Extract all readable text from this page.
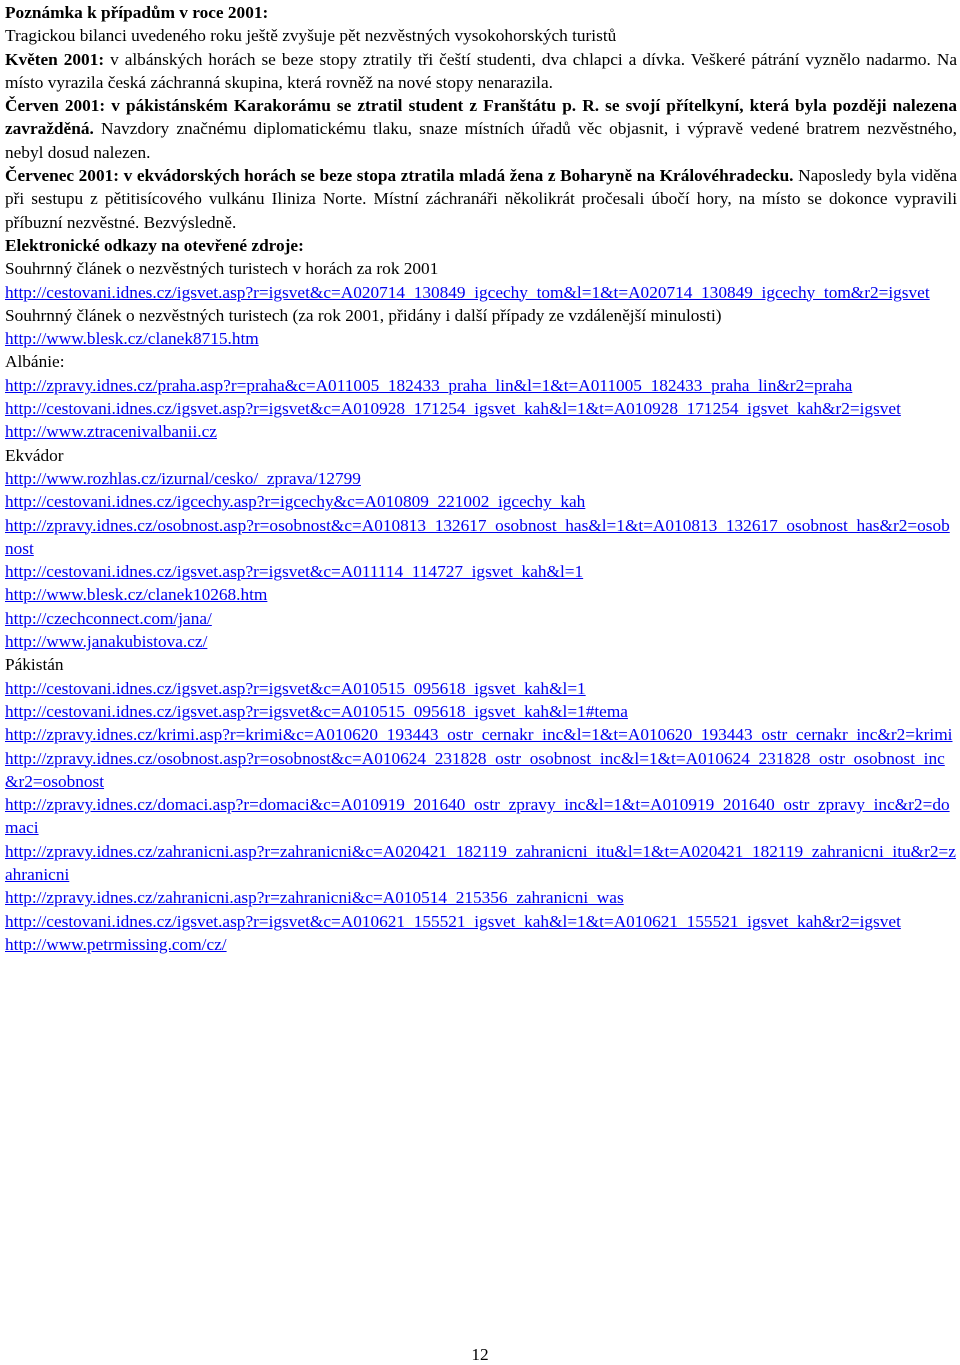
Poznámka k případům v roce 2001:

Tragickou bilanci uvedeného roku ještě zvyšuje pět nezvěstných vysokohorských turistů

Květen 2001: v albánských horách se beze stopy ztratily tři čeští studenti, dva chlapci a dívka. Veškeré pátrání vyznělo nadarmo. Na místo vyrazila česká záchranná skupina, která rovněž na nové stopy nenarazila.

Červen 2001: v pákistánském Karakorámu se ztratil student z Franštátu p. R. se svojí přítelkyní, která byla později nalezena zavražděná. Navzdory značnému diplomatickému tlaku, snaze místních úřadů věc objasnit, i výpravě vedené bratrem nezvěstného, nebyl dosud nalezen.

Červenec 2001: v ekvádorských horách se beze stopa ztratila mladá žena z Boharyně na Královéhradecku. Naposledy byla viděna při sestupu z pětitisícového vulkánu Iliniza Norte. Místní záchranáři několikrát pročesali úbočí hory, na místo se dokonce vypravili příbuzní nezvěstné. Bezvýsledně.

Elektronické odkazy na otevřené zdroje:

Souhrnný článek o nezvěstných turistech v horách za rok 2001

http://cestovani.idnes.cz/igsvet.asp?r=igsvet&c=A020714_130849_igcechy_tom&l=1&t=A020714_130849_igcechy_tom&r2=igsvet

Souhrnný článek o nezvěstných turistech (za rok 2001, přidány i další případy ze vzdálenější minulosti)

http://www.blesk.cz/clanek8715.htm

Albánie:

http://zpravy.idnes.cz/praha.asp?r=praha&c=A011005_182433_praha_lin&l=1&t=A011005_182433_praha_lin&r2=praha

http://cestovani.idnes.cz/igsvet.asp?r=igsvet&c=A010928_171254_igsvet_kah&l=1&t=A010928_171254_igsvet_kah&r2=igsvet

http://www.ztracenivalbanii.cz

Ekvádor

http://www.rozhlas.cz/izurnal/cesko/_zprava/12799

http://cestovani.idnes.cz/igcechy.asp?r=igcechy&c=A010809_221002_igcechy_kah

http://zpravy.idnes.cz/osobnost.asp?r=osobnost&c=A010813_132617_osobnost_has&l=1&t=A010813_132617_osobnost_has&r2=osobnost

http://cestovani.idnes.cz/igsvet.asp?r=igsvet&c=A011114_114727_igsvet_kah&l=1

http://www.blesk.cz/clanek10268.htm

http://czechconnect.com/jana/

http://www.janakubistova.cz/

Pákistán

http://cestovani.idnes.cz/igsvet.asp?r=igsvet&c=A010515_095618_igsvet_kah&l=1

http://cestovani.idnes.cz/igsvet.asp?r=igsvet&c=A010515_095618_igsvet_kah&l=1#tema

http://zpravy.idnes.cz/krimi.asp?r=krimi&c=A010620_193443_ostr_cernakr_inc&l=1&t=A010620_193443_ostr_cernakr_inc&r2=krimi

http://zpravy.idnes.cz/osobnost.asp?r=osobnost&c=A010624_231828_ostr_osobnost_inc&l=1&t=A010624_231828_ostr_osobnost_inc&r2=osobnost

http://zpravy.idnes.cz/domaci.asp?r=domaci&c=A010919_201640_ostr_zpravy_inc&l=1&t=A010919_201640_ostr_zpravy_inc&r2=domaci

http://zpravy.idnes.cz/zahranicni.asp?r=zahranicni&c=A020421_182119_zahranicni_itu&l=1&t=A020421_182119_zahranicni_itu&r2=zahranicni

http://zpravy.idnes.cz/zahranicni.asp?r=zahranicni&c=A010514_215356_zahranicni_was

http://cestovani.idnes.cz/igsvet.asp?r=igsvet&c=A010621_155521_igsvet_kah&l=1&t=A010621_155521_igsvet_kah&r2=igsvet

http://www.petrmissing.com/cz/

12
